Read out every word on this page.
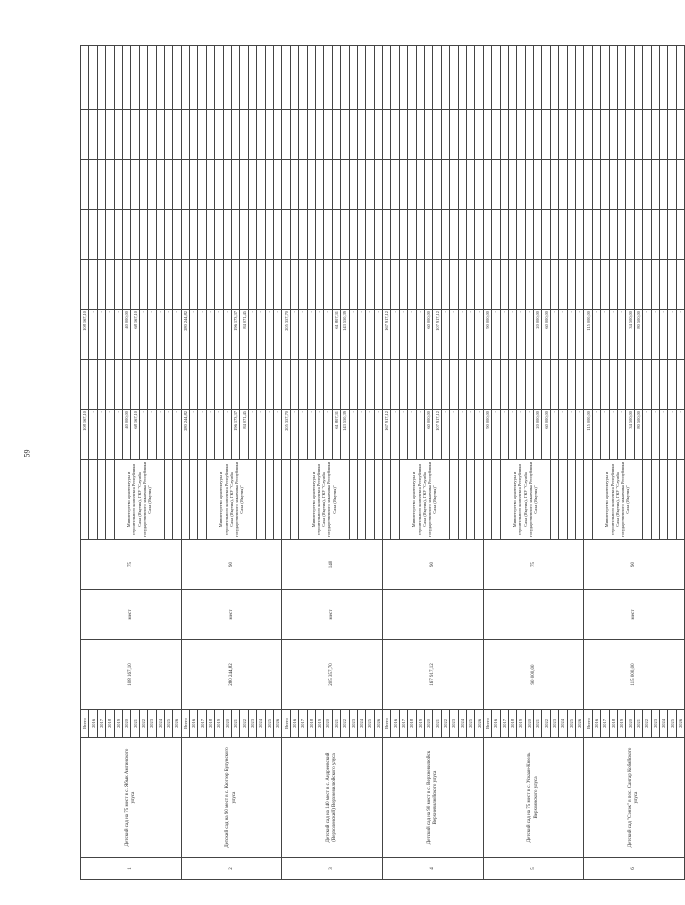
59
1	Детский сад на 75 мест в с. Ябык Амгинского улуса	Всего	108 167,10	мест	75		108 167,10		108 167,10					
		2016					-		-					
		2017					-		-					
		2018					-		-					
		2019				Министерство архитектуры и строительного комплекса Республики Саха (Якутия), ГКУ "Служба государственного заказчика Республики Саха (Якутия)"	-		-					
		2020					40 000,00		40 000,00					
		2021					68 167,10		68 167,10					
		2022					-		-					
		2023					-		-					
		2024					-		-					
		2025					-		-					
		2026					-		-					
2	Детский сад на 90 мест в с. Кюгээр Булунского улуса	Всего	280 244,82	мест	90		280 244,82		280 244,82					
		2016					-		-					
		2017					-		-					
		2018				Министерство архитектуры и строительного комплекса Республики Саха (Якутия), ГКУ "Служба государственного заказчика Республики Саха (Якутия)"	-		-					
		2019					-		-					
		2020					-		-					
		2021					196 173,37		196 173,37					
		2022					84 071,45		84 071,45					
		2023					-		-					
		2024					-		-					
		2025					-		-					
		2026					-		-					
3	Детский сад на 140 мест в с. Андреевский (Верхоленский) Верхневилюйского улуса	Всего	205 357,70	мест	140		205 357,70		205 357,70					
		2016					-		-					
		2017				Министерство архитектуры и строительного комплекса Республики Саха (Якутия), ГКУ "Служба государственного заказчика Республики Саха (Якутия)"	-		-					
		2018					-		-					
		2019					-		-					
		2020					-		-					
		2021					61 807,31		61 807,31					
		2022					143 550,39		143 550,39					
		2023					-		-					
		2024					-		-					
		2025					-		-					
		2026					-		-					
4	Детский сад на 90 мест в с. Верхневилюйск Верхневилюйского улуса	Всего	167 917,12		90		167 917,12		167 917,12					
		2016					-		-					
		2017				Министерство архитектуры и строительного комплекса Республики Саха (Якутия), ГКУ "Служба государственного заказчика Республики Саха (Якутия)"	-		-					
		2018					-		-					
		2019					-		-					
		2020					60 000,00		60 000,00					
		2021					107 917,12		107 917,12					
		2022					-		-					
		2023					-		-					
		2024					-		-					
		2025					-		-					
		2026					-		-					
5	Детский сад на 75 мест в с. Ускаан-Кюель Верхоянского улуса	Всего	90 000,00		75		90 000,00		90 000,00					
		2016					-		-					
		2017				Министерство архитектуры и строительного комплекса Республики Саха (Якутия), ГКУ "Служба государственного заказчика Республики Саха (Якутия)"	-		-					
		2018					-		-					
		2019					-		-					
		2020					-		-					
		2021					20 000,00		20 000,00					
		2022					60 000,00		60 000,00					
		2023					-		-					
		2024					-		-					
		2025					-		-					
		2026					-		-					
6	Детский сад "Сэнэк" в пос. Сангар Кобяйского улуса	Всего	115 000,00	мест	90		115 000,00		115 000,00					
		2016				Министерство архитектуры и строительного комплекса Республики Саха (Якутия), ГКУ "Служба государственного заказчика Республики Саха (Якутия)"	-		-					
		2017					-		-					
		2018					-		-					
		2019					-		-					
		2020					34 500,00		34 500,00					
		2021					80 500,00		80 500,00					
		2022					-		-					
		2023					-		-					
		2024					-		-					
		2025					-		-					
		2026					-		-					
